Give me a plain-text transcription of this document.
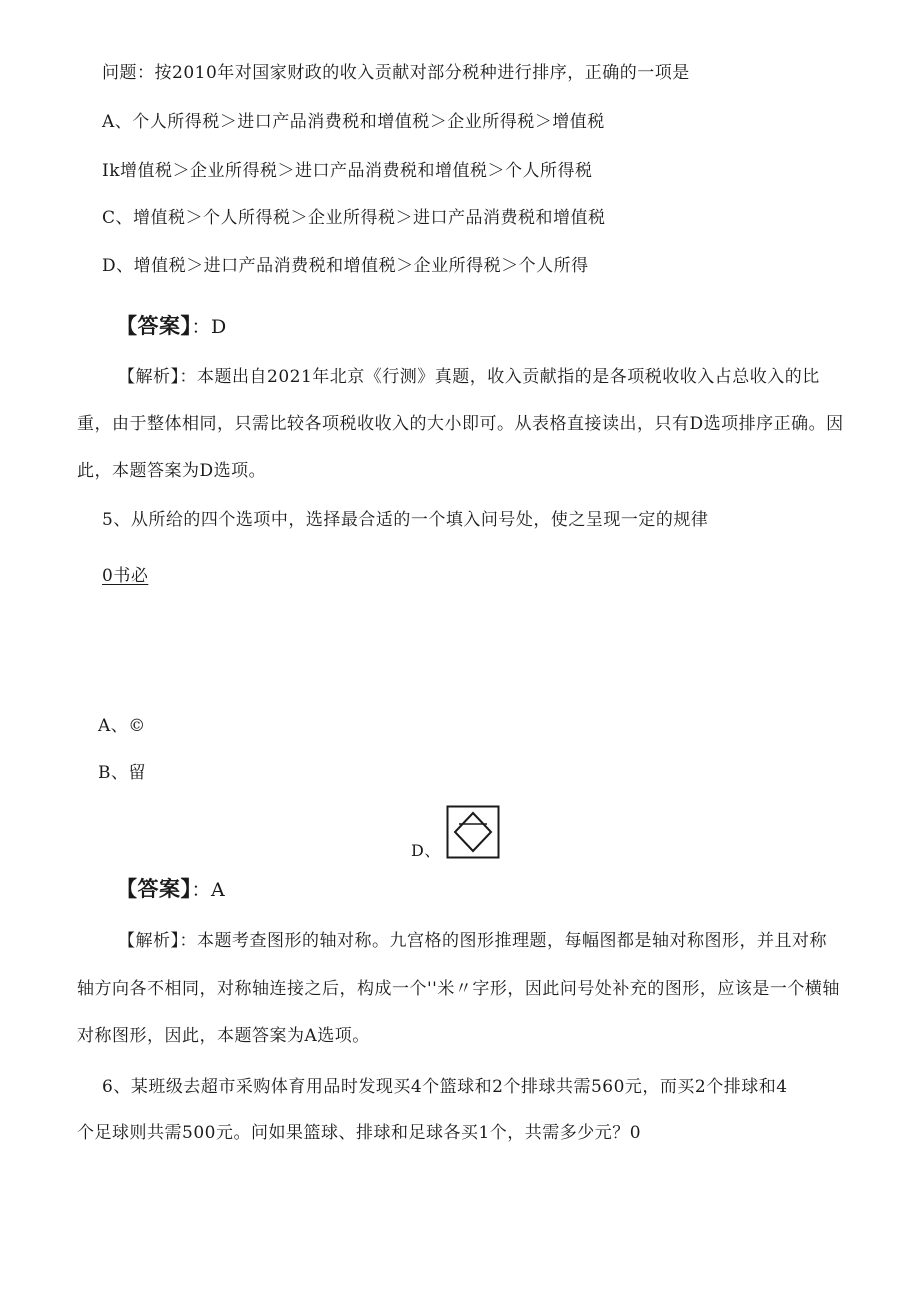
问题：按2010年对国家财政的收入贡献对部分税种进行排序，正确的一项是
A、个人所得税＞进口产品消费税和增值税＞企业所得税＞增值税
Ik增值税＞企业所得税＞进口产品消费税和增值税＞个人所得税
C、增值税＞个人所得税＞企业所得税＞进口产品消费税和增值税
D、增值税＞进口产品消费税和增值税＞企业所得税＞个人所得
【答案】：D
【解析】：本题出自2021年北京《行测》真题，收入贡献指的是各项税收收入占总收入的比
重，由于整体相同，只需比较各项税收收入的大小即可。从表格直接读出，只有D选项排序正确。因
此，本题答案为D选项。
5、从所给的四个选项中，选择最合适的一个填入问号处，使之呈现一定的规律
0书必
A、©
B、留
D、
【答案】：A
【解析】：本题考查图形的轴对称。九宫格的图形推理题，每幅图都是轴对称图形，并且对称
轴方向各不相同，对称轴连接之后，构成一个''米〃字形，因此问号处补充的图形，应该是一个横轴
对称图形，因此，本题答案为A选项。
6、某班级去超市采购体育用品时发现买4个篮球和2个排球共需560元，而买2个排球和4
个足球则共需500元。问如果篮球、排球和足球各买1个，共需多少元？0
